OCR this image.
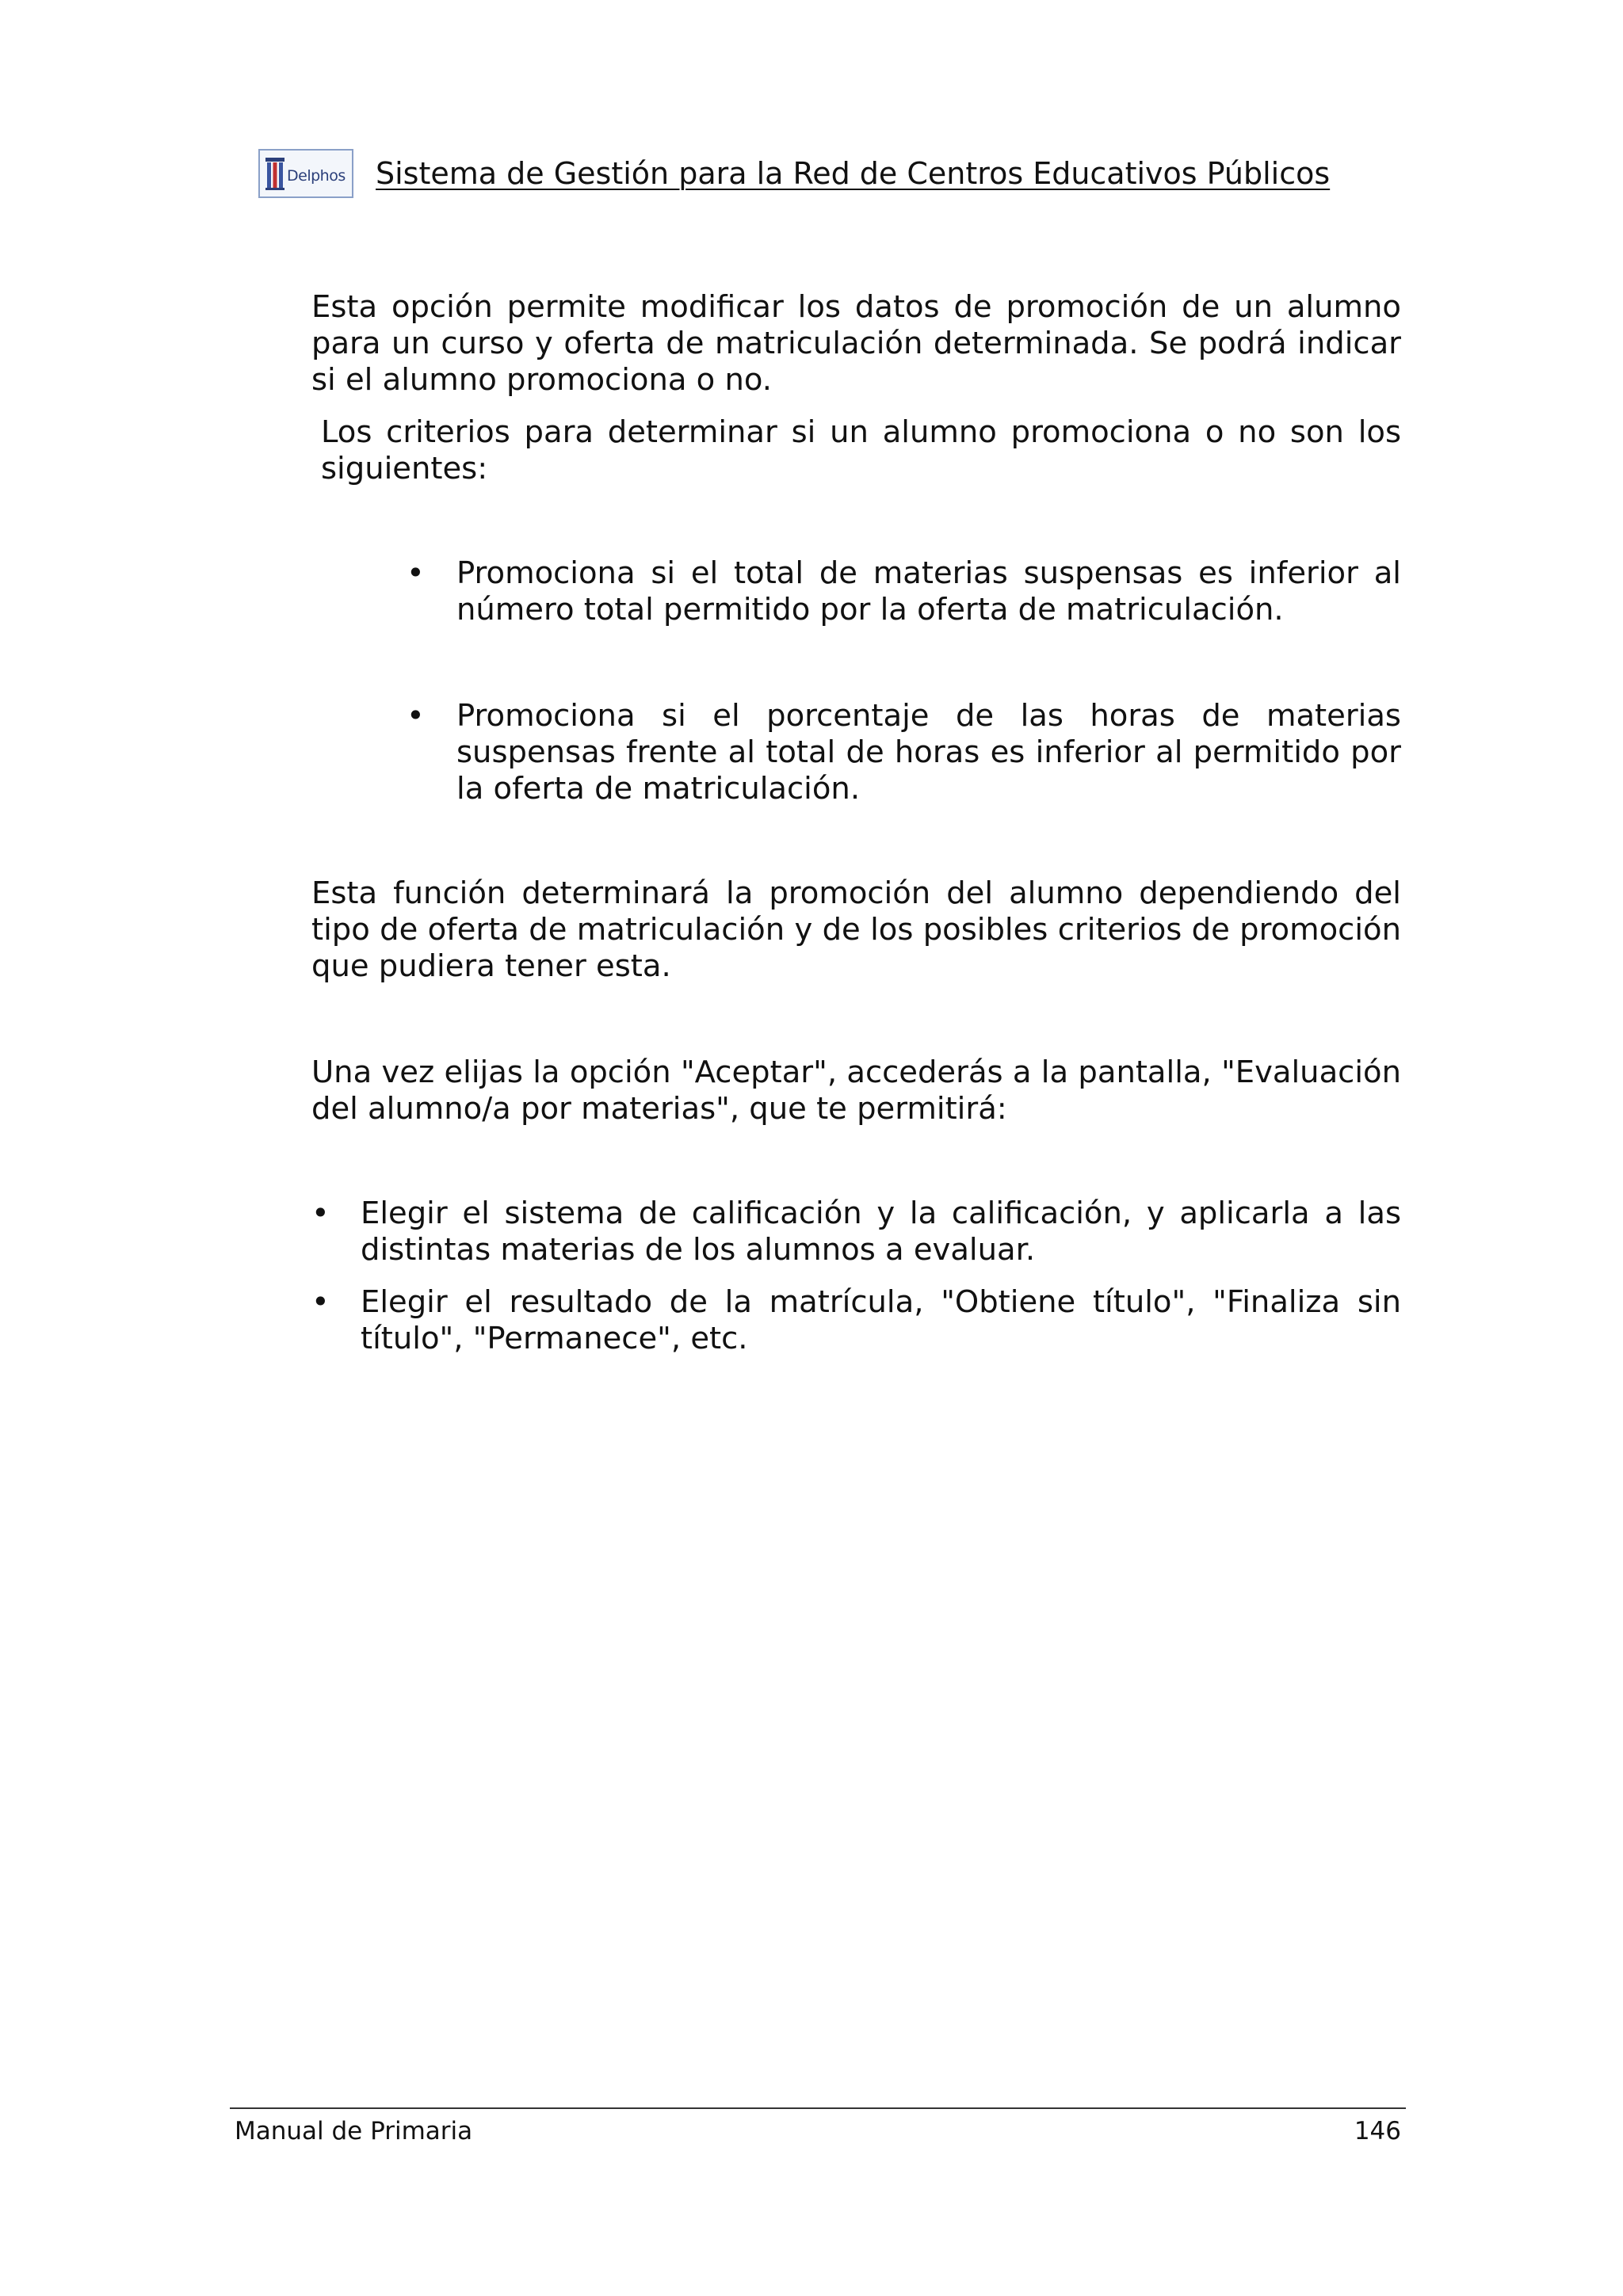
Delphos Sistema de Gestión para la Red de Centros Educativos Públicos

Esta opción permite modificar los datos de promoción de un alumno para un curso y oferta de matriculación determinada. Se podrá indicar si el alumno promociona o no.

Los criterios para determinar si un alumno promociona o no son los siguientes:

• Promociona si el total de materias suspensas es inferior al número total permitido por la oferta de matriculación.
• Promociona si el porcentaje de las horas de materias suspensas frente al total de horas es inferior al permitido por la oferta de matriculación.

Esta función determinará la promoción del alumno dependiendo del tipo de oferta de matriculación y de los posibles criterios de promoción que pudiera tener esta.

Una vez elijas la opción "Aceptar", accederás a la pantalla, "Evaluación del alumno/a por materias", que te permitirá:

• Elegir el sistema de calificación y la calificación, y aplicarla a las distintas materias de los alumnos a evaluar.
• Elegir el resultado de la matrícula, "Obtiene título", "Finaliza sin título", "Permanece", etc.
Manual de Primaria	146
